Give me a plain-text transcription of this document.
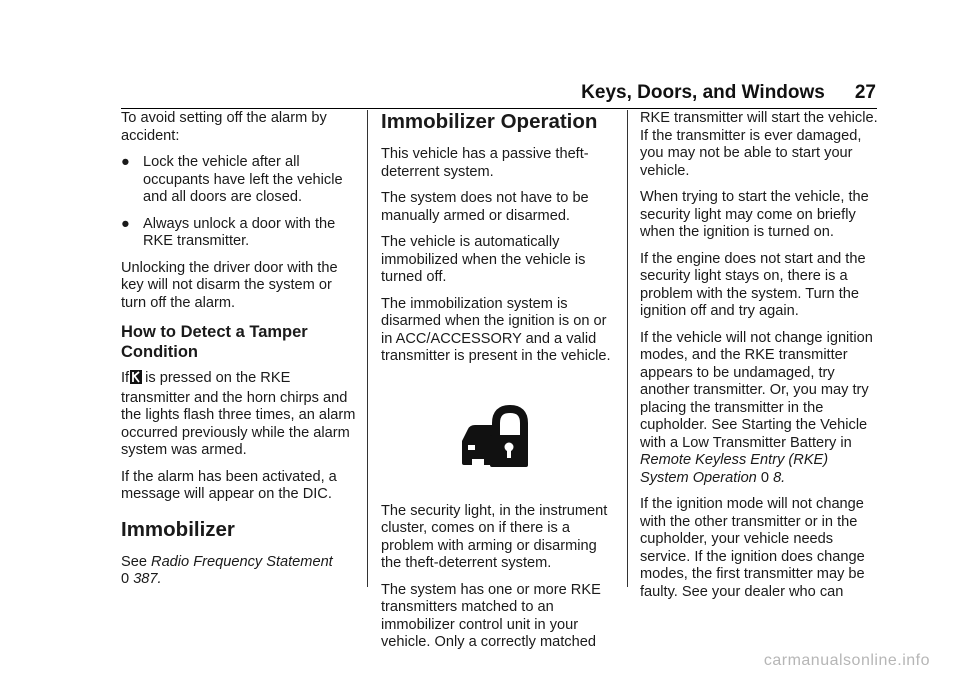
Keys, Doors, and Windows 27

To avoid setting off the alarm by accident:

● Lock the vehicle after all occupants have left the vehicle and all doors are closed.
● Always unlock a door with the RKE transmitter.

Unlocking the driver door with the key will not disarm the system or turn off the alarm.

How to Detect a Tamper Condition

If is pressed on the RKE transmitter and the horn chirps and the lights flash three times, an alarm occurred previously while the alarm system was armed.

If the alarm has been activated, a message will appear on the DIC.

Immobilizer

See Radio Frequency Statement
0 387.

Immobilizer Operation

This vehicle has a passive theft-deterrent system.

The system does not have to be manually armed or disarmed.

The vehicle is automatically immobilized when the vehicle is turned off.

The immobilization system is disarmed when the ignition is on or in ACC/ACCESSORY and a valid transmitter is present in the vehicle.

The security light, in the instrument cluster, comes on if there is a problem with arming or disarming the theft-deterrent system.

The system has one or more RKE transmitters matched to an immobilizer control unit in your vehicle. Only a correctly matched

RKE transmitter will start the vehicle. If the transmitter is ever damaged, you may not be able to start your vehicle.

When trying to start the vehicle, the security light may come on briefly when the ignition is turned on.

If the engine does not start and the security light stays on, there is a problem with the system. Turn the ignition off and try again.

If the vehicle will not change ignition modes, and the RKE transmitter appears to be undamaged, try another transmitter. Or, you may try placing the transmitter in the cupholder. See Starting the Vehicle with a Low Transmitter Battery in Remote Keyless Entry (RKE) System Operation 0 8.

If the ignition mode will not change with the other transmitter or in the cupholder, your vehicle needs service. If the ignition does change modes, the first transmitter may be faulty. See your dealer who can

carmanualsonline.info
